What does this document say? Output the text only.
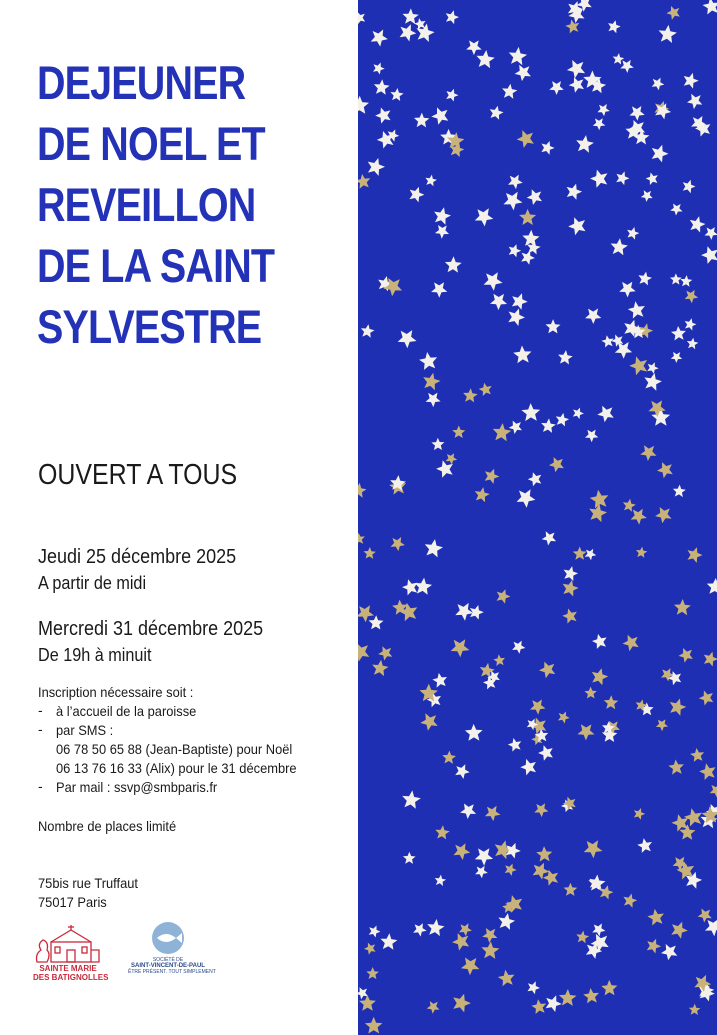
DEJEUNER
DE NOEL ET
REVEILLON
DE LA SAINT
SYLVESTRE
OUVERT A TOUS
Jeudi 25 décembre 2025
A partir de midi
Mercredi 31 décembre 2025
De 19h à minuit
Inscription nécessaire soit :
- à l’accueil de la paroisse
- par SMS :
06 78 50 65 88 (Jean-Baptiste) pour Noël
06 13 76 16 33 (Alix) pour le 31 décembre
- Par mail : ssvp@smbparis.fr
Nombre de places limité
75bis rue Truffaut
75017 Paris
SAINTE MARIE
DES BATIGNOLLES
SOCIÉTÉ DE
SAINT-VINCENT-DE-PAUL
ÊTRE PRÉSENT. TOUT SIMPLEMENT
